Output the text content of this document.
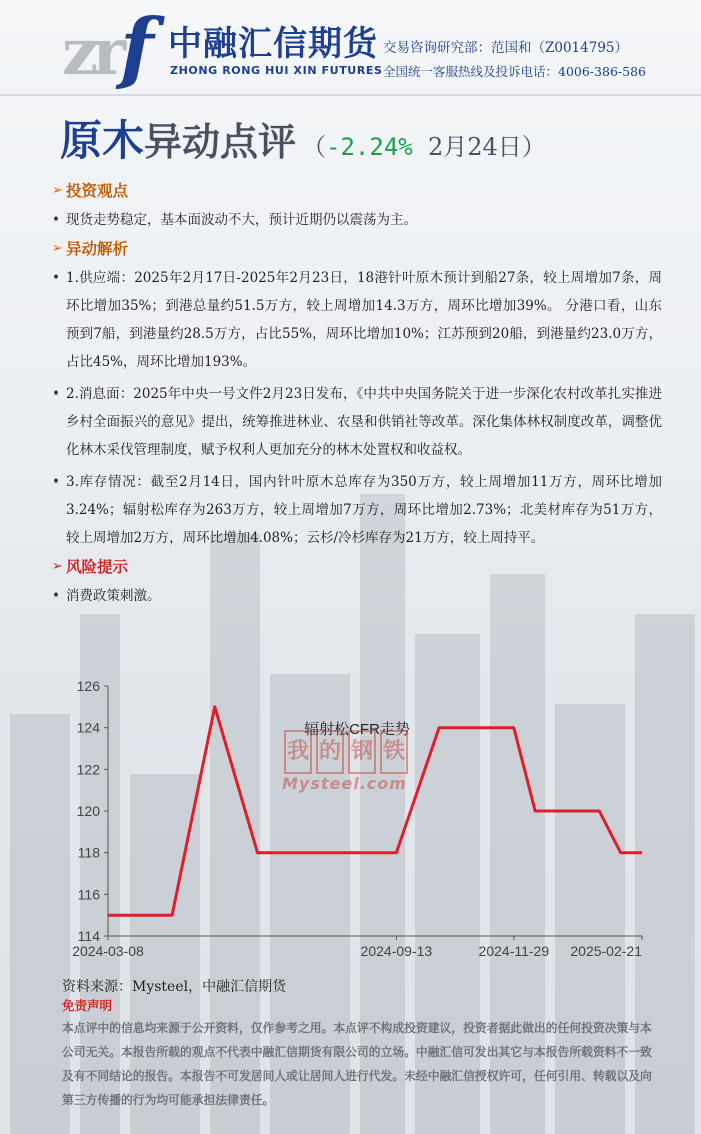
zrf 中融汇信期货
ZHONG RONG HUI XIN FUTURES
交易咨询研究部：范国和（Z0014795）
全国统一客服热线及投诉电话：4006-386-586
原木异动点评 （-2.24% 2月24日）
➢ 投资观点
• 现货走势稳定，基本面波动不大，预计近期仍以震荡为主。
➢ 异动解析
• 1.供应端：2025年2月17日-2025年2月23日，18港针叶原木预计到船27条，较上周增加7条，周环比增加35%；到港总量约51.5万方，较上周增加14.3万方，周环比增加39%。 分港口看，山东预到7船，到港量约28.5万方，占比55%，周环比增加10%；江苏预到20船，到港量约23.0万方，占比45%，周环比增加193%。
• 2.消息面：2025年中央一号文件2月23日发布，《中共中央国务院关于进一步深化农村改革扎实推进乡村全面振兴的意见》提出，统筹推进林业、农垦和供销社等改革。深化集体林权制度改革，调整优化林木采伐管理制度，赋予权利人更加充分的林木处置权和收益权。
• 3.库存情况：截至2月14日，国内针叶原木总库存为350万方，较上周增加11万方，周环比增加3.24%；辐射松库存为263万方，较上周增加7万方，周环比增加2.73%；北美材库存为51万方，较上周增加2万方，周环比增加4.08%；云杉/冷杉库存为21万方，较上周持平。
➢ 风险提示
• 消费政策刺激。
我 的 钢 铁
Mysteel.com
114
116
118
120
122
124
126
2024-03-08	2024-09-13	2024-11-29 2025-02-21
辐射松CFR走势
资料来源：Mysteel，中融汇信期货
免责声明
本点评中的信息均来源于公开资料，仅作参考之用。本点评不构成投资建议，投资者据此做出的任何投资决策与本公司无关。本报告所载的观点不代表中融汇信期货有限公司的立场。中融汇信可发出其它与本报告所载资料不一致及有不同结论的报告。本报告不可发居间人或让居间人进行代发。未经中融汇信授权许可，任何引用、转载以及向第三方传播的行为均可能承担法律责任。
